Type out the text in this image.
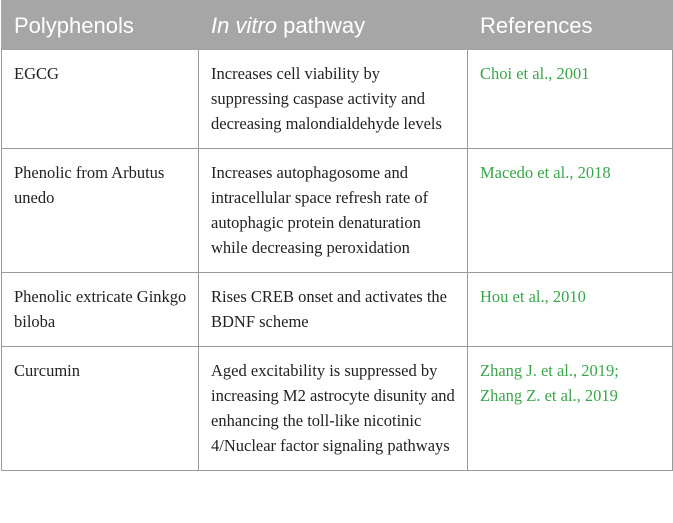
Polyphenols	In vitro pathway	References
EGCG	Increases cell viability by suppressing caspase activity and decreasing malondialdehyde levels	Choi et al., 2001

Phenolic from Arbutus unedo	Increases autophagosome and intracellular space refresh rate of autophagic protein denaturation while decreasing peroxidation	Macedo et al., 2018

Phenolic extricate Ginkgo biloba	Rises CREB onset and activates the BDNF scheme	Hou et al., 2010

Curcumin	Aged excitability is suppressed by increasing M2 astrocyte disunity and enhancing the toll-like nicotinic 4/Nuclear factor signaling pathways	Zhang J. et al., 2019;
Zhang Z. et al., 2019
